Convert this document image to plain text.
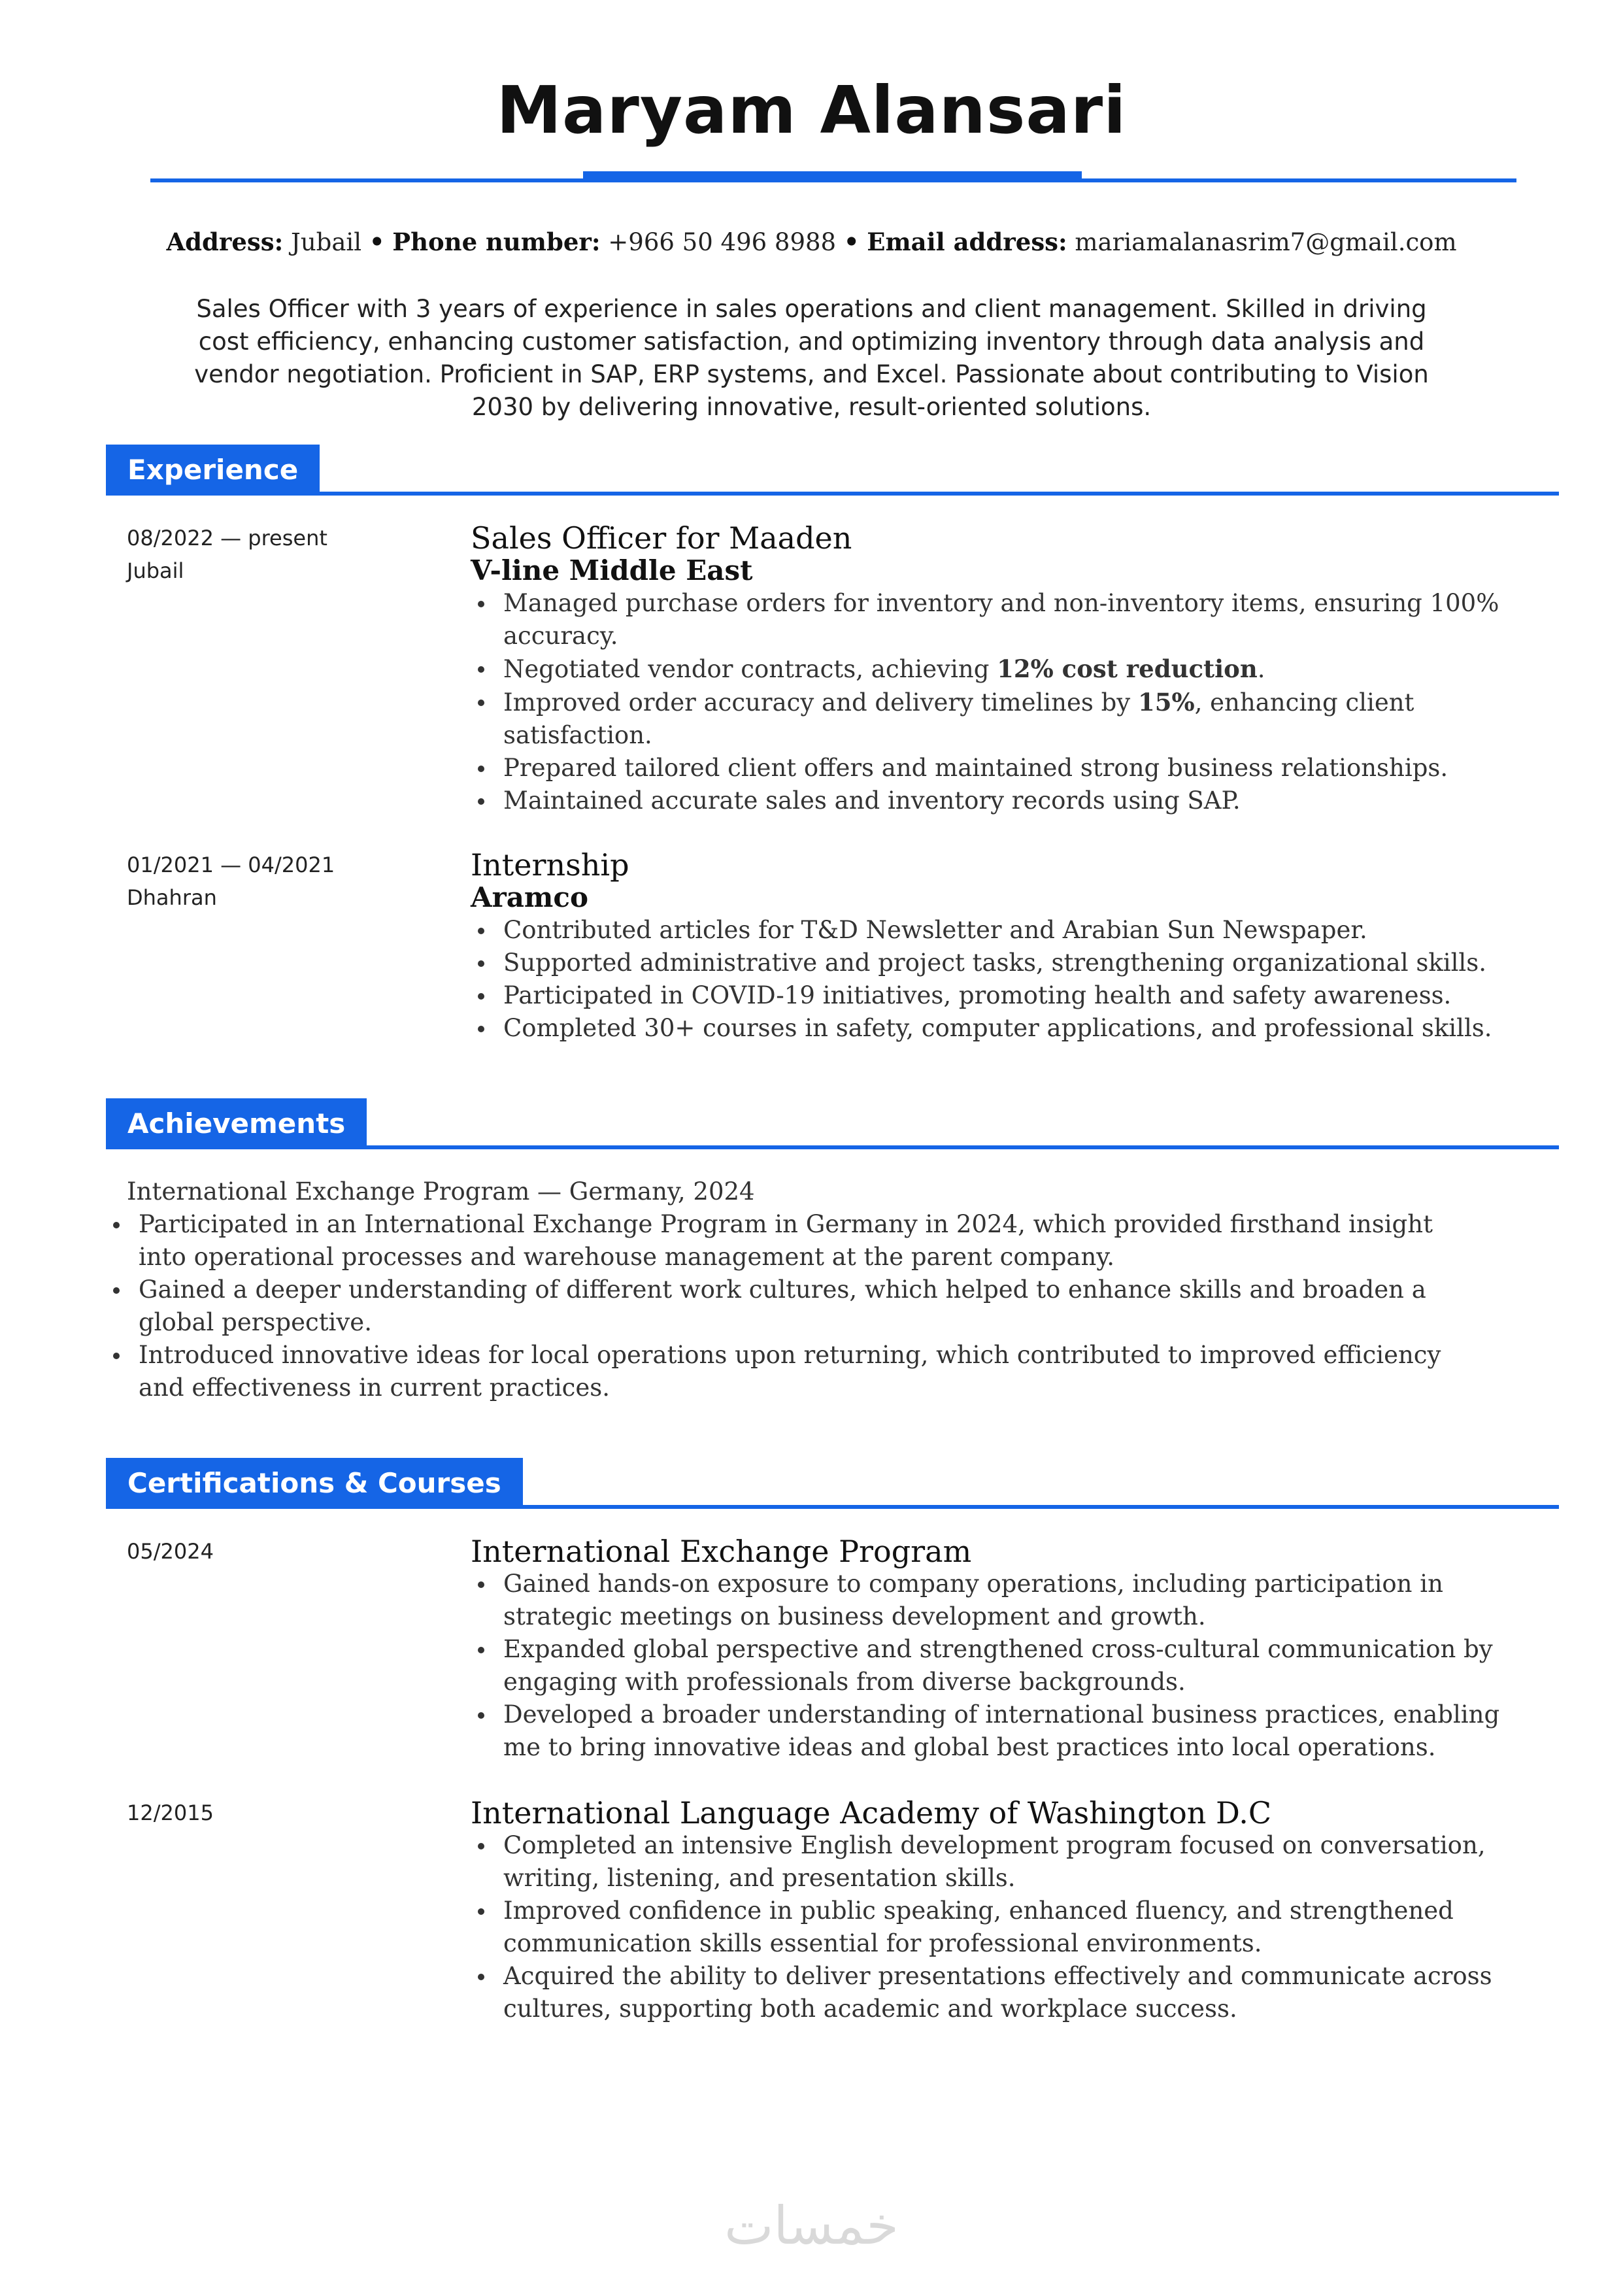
Maryam Alansari
Address: Jubail • Phone number: +966 50 496 8988 • Email address: mariamalanasrim7@gmail.com
Sales Officer with 3 years of experience in sales operations and client management. Skilled in driving cost efficiency, enhancing customer satisfaction, and optimizing inventory through data analysis and vendor negotiation. Proficient in SAP, ERP systems, and Excel. Passionate about contributing to Vision 2030 by delivering innovative, result-oriented solutions.
Experience
08/2022 — present
Jubail
Sales Officer for Maaden
V-line Middle East
Managed purchase orders for inventory and non-inventory items, ensuring 100% accuracy.
Negotiated vendor contracts, achieving 12% cost reduction.
Improved order accuracy and delivery timelines by 15%, enhancing client satisfaction.
Prepared tailored client offers and maintained strong business relationships.
Maintained accurate sales and inventory records using SAP.
01/2021 — 04/2021
Dhahran
Internship
Aramco
Contributed articles for T&D Newsletter and Arabian Sun Newspaper.
Supported administrative and project tasks, strengthening organizational skills.
Participated in COVID-19 initiatives, promoting health and safety awareness.
Completed 30+ courses in safety, computer applications, and professional skills.
Achievements
International Exchange Program — Germany, 2024
Participated in an International Exchange Program in Germany in 2024, which provided firsthand insight into operational processes and warehouse management at the parent company.
Gained a deeper understanding of different work cultures, which helped to enhance skills and broaden a global perspective.
Introduced innovative ideas for local operations upon returning, which contributed to improved efficiency and effectiveness in current practices.
Certifications & Courses
05/2024	International Exchange Program
Gained hands-on exposure to company operations, including participation in strategic meetings on business development and growth.
Expanded global perspective and strengthened cross-cultural communication by engaging with professionals from diverse backgrounds.
Developed a broader understanding of international business practices, enabling me to bring innovative ideas and global best practices into local operations.
12/2015	International Language Academy of Washington D.C
Completed an intensive English development program focused on conversation, writing, listening, and presentation skills.
Improved confidence in public speaking, enhanced fluency, and strengthened communication skills essential for professional environments.
Acquired the ability to deliver presentations effectively and communicate across cultures, supporting both academic and workplace success.
خمسات
